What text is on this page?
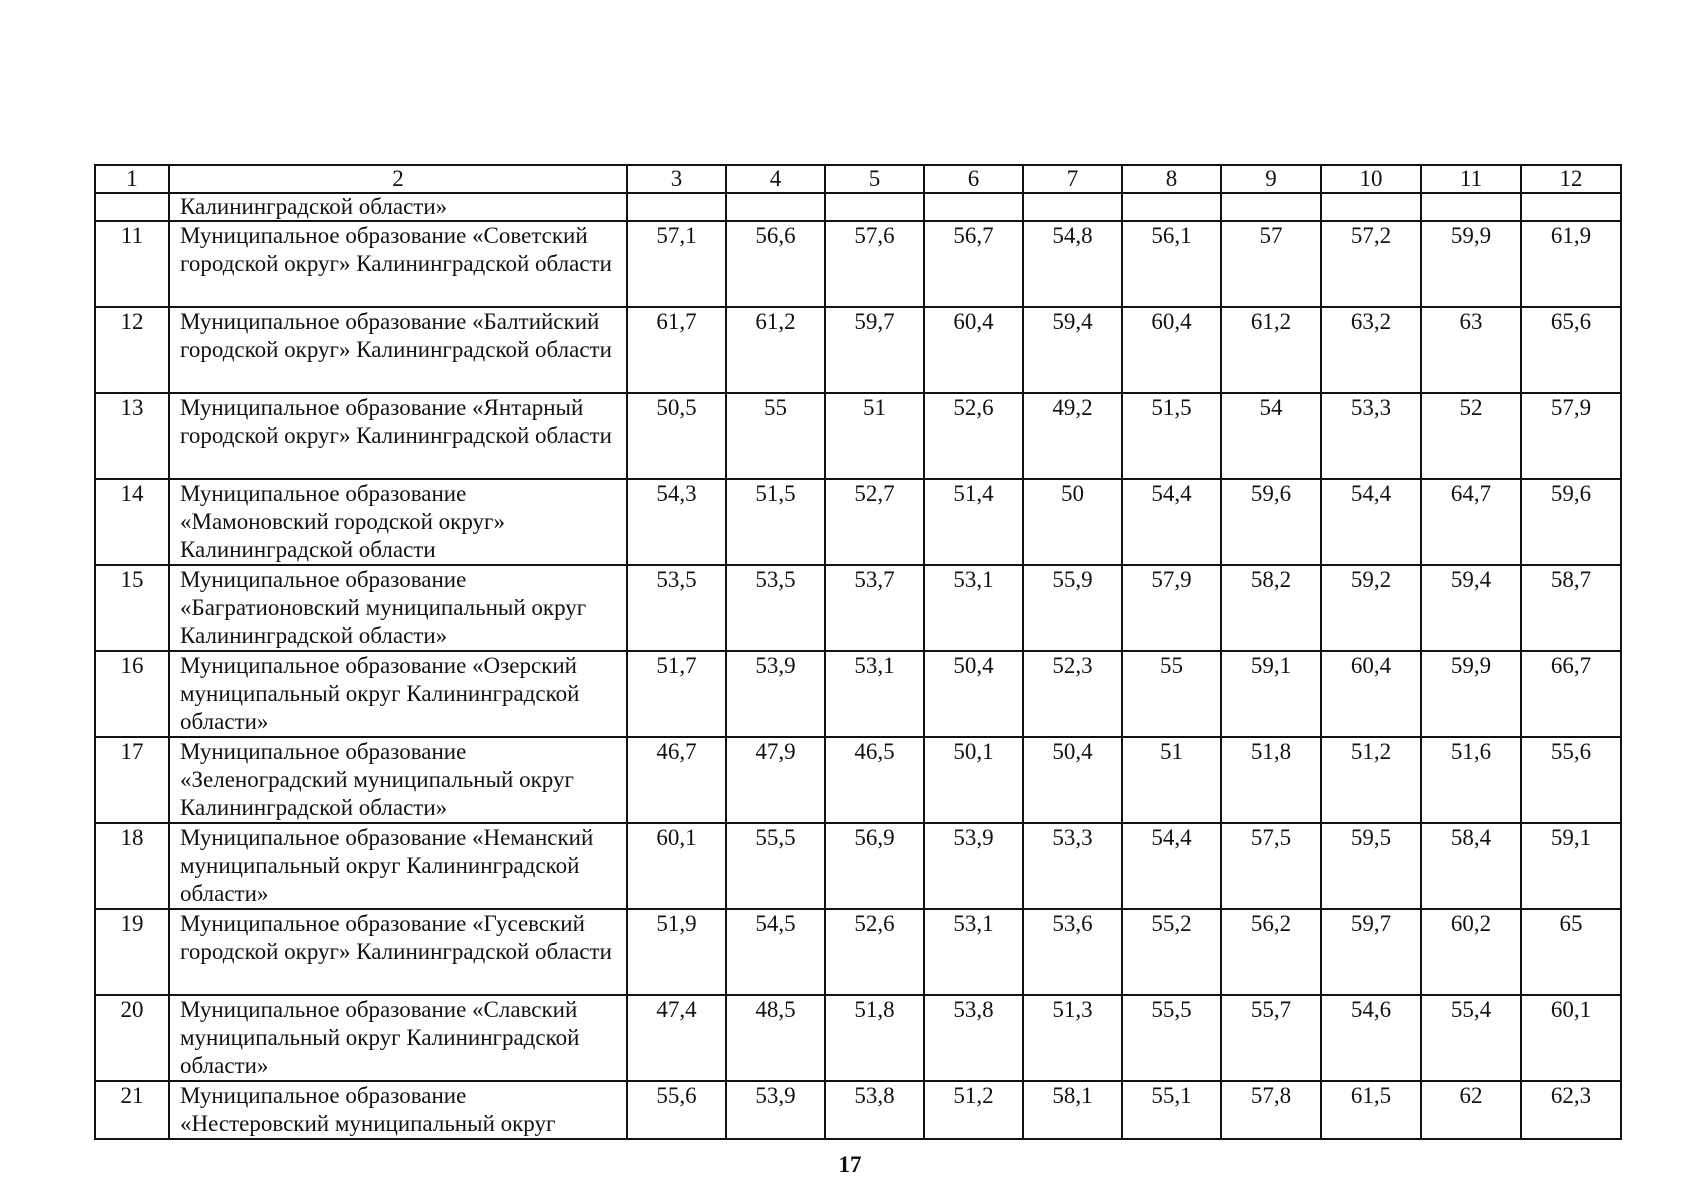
1	2	3	4	5	6	7	8	9	10	11	12
	Калининградской области»										
11	Муниципальное образование «Советский городской округ» Калининградской области	57,1	56,6	57,6	56,7	54,8	56,1	57	57,2	59,9	61,9
12	Муниципальное образование «Балтийский городской округ» Калининградской области	61,7	61,2	59,7	60,4	59,4	60,4	61,2	63,2	63	65,6
13	Муниципальное образование «Янтарный городской округ» Калининградской области	50,5	55	51	52,6	49,2	51,5	54	53,3	52	57,9
14	Муниципальное образование «Мамоновский городской округ» Калининградской области	54,3	51,5	52,7	51,4	50	54,4	59,6	54,4	64,7	59,6
15	Муниципальное образование «Багратионовский муниципальный округ Калининградской области»	53,5	53,5	53,7	53,1	55,9	57,9	58,2	59,2	59,4	58,7
16	Муниципальное образование «Озерский муниципальный округ Калининградской области»	51,7	53,9	53,1	50,4	52,3	55	59,1	60,4	59,9	66,7
17	Муниципальное образование «Зеленоградский муниципальный округ Калининградской области»	46,7	47,9	46,5	50,1	50,4	51	51,8	51,2	51,6	55,6
18	Муниципальное образование «Неманский муниципальный округ Калининградской области»	60,1	55,5	56,9	53,9	53,3	54,4	57,5	59,5	58,4	59,1
19	Муниципальное образование «Гусевский городской округ» Калининградской области	51,9	54,5	52,6	53,1	53,6	55,2	56,2	59,7	60,2	65
20	Муниципальное образование «Славский муниципальный округ Калининградской области»	47,4	48,5	51,8	53,8	51,3	55,5	55,7	54,6	55,4	60,1
21	Муниципальное образование «Нестеровский муниципальный округ	55,6	53,9	53,8	51,2	58,1	55,1	57,8	61,5	62	62,3
17
